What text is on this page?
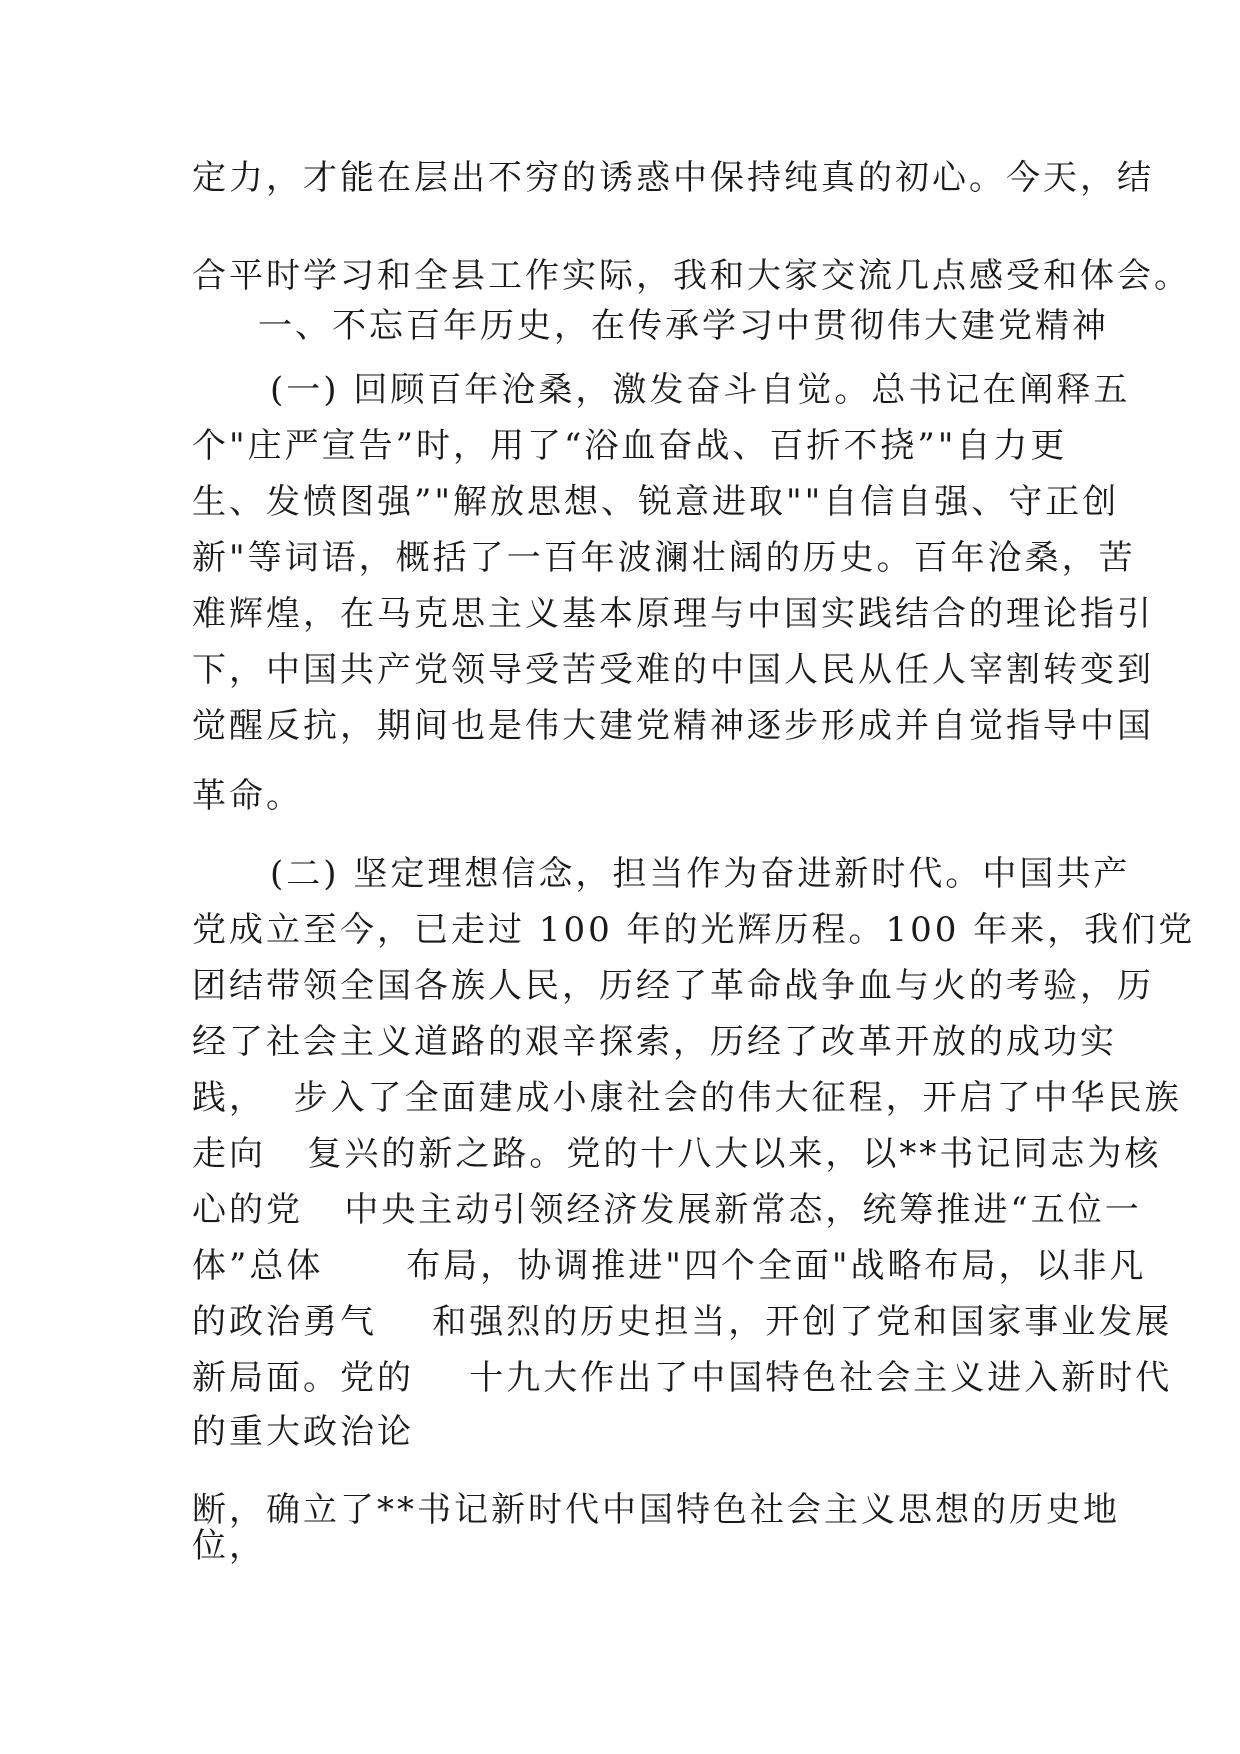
定力，才能在层出不穷的诱惑中保持纯真的初心。今天，结
合平时学习和全县工作实际，我和大家交流几点感受和体会。
一、不忘百年历史，在传承学习中贯彻伟大建党精神
(一) 回顾百年沧桑，激发奋斗自觉。总书记在阐释五
个"庄严宣告”时，用了“浴血奋战、百折不挠”"自力更
生、发愤图强”"解放思想、锐意进取""自信自强、守正创
新"等词语，概括了一百年波澜壮阔的历史。百年沧桑，苦
难辉煌，在马克思主义基本原理与中国实践结合的理论指引
下，中国共产党领导受苦受难的中国人民从任人宰割转变到
觉醒反抗，期间也是伟大建党精神逐步形成并自觉指导中国
革命。
(二) 坚定理想信念，担当作为奋进新时代。中国共产
党成立至今，已走过 100 年的光辉历程。100 年来，我们党
团结带领全国各族人民，历经了革命战争血与火的考验，历
经了社会主义道路的艰辛探索，历经了改革开放的成功实
践，  步入了全面建成小康社会的伟大征程，开启了中华民族
走向   复兴的新之路。党的十八大以来，以**书记同志为核
心的党   中央主动引领经济发展新常态，统筹推进“五位一
体”总体      布局，协调推进"四个全面"战略布局，以非凡
的政治勇气    和强烈的历史担当，开创了党和国家事业发展
新局面。党的    十九大作出了中国特色社会主义进入新时代
的重大政治论
断，确立了**书记新时代中国特色社会主义思想的历史地
位，
